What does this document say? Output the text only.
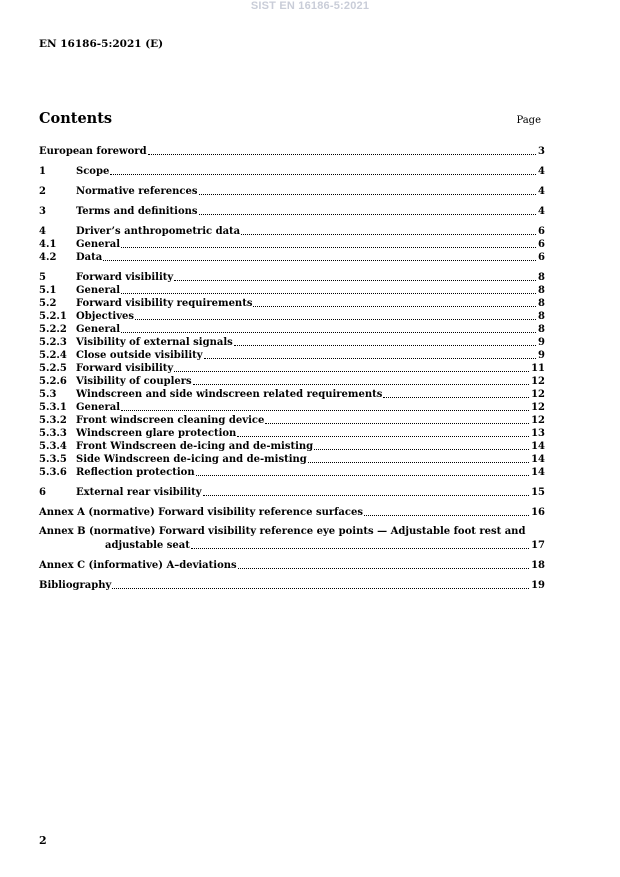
SIST EN 16186-5:2021
EN 16186-5:2021 (E)
Contents	Page
European foreword	3
1	Scope	4
2	Normative references	4
3	Terms and definitions	4
4	Driver’s anthropometric data	6
4.1	General	6
4.2	Data	6
5	Forward visibility	8
5.1	General	8
5.2	Forward visibility requirements	8
5.2.1 Objectives	8
5.2.2 General	8
5.2.3 Visibility of external signals	9
5.2.4 Close outside visibility	9
5.2.5 Forward visibility	11
5.2.6 Visibility of couplers	12
5.3	Windscreen and side windscreen related requirements	12
5.3.1 General	12
5.3.2 Front windscreen cleaning device	12
5.3.3 Windscreen glare protection	13
5.3.4 Front Windscreen de-icing and de-misting	14
5.3.5 Side Windscreen de-icing and de-misting	14
5.3.6 Reflection protection	14
6	External rear visibility	15
Annex A (normative) Forward visibility reference surfaces	16
Annex B (normative) Forward visibility reference eye points — Adjustable foot rest and
adjustable seat	17
Annex C (informative) A–deviations	18
Bibliography	19
2
